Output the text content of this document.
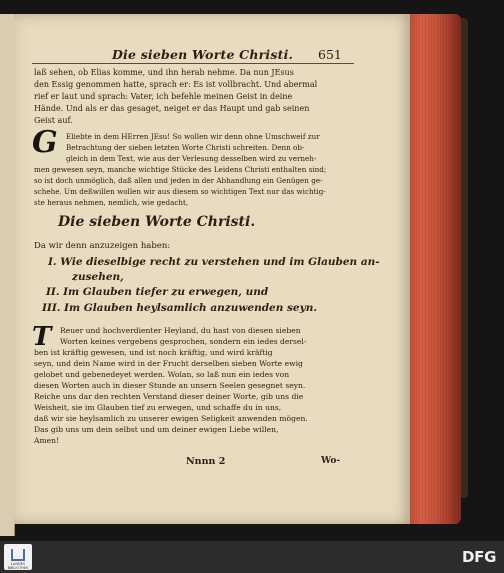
Die sieben Worte Christi. 651
laß sehen, ob Elias komme, und ihn herab nehme. Da nun JEsus
den Essig genommen hatte, sprach er: Es ist vollbracht. Und abermal
rief er laut und sprach: Vater, ich befehle meinen Geist in deine
Hände. Und als er das gesaget, neiget er das Haupt und gab seinen
Geist auf.
G	Eliebte in dem HErren JEsu! So wollen wir denn ohne Umschweif zur
Betrachtung der sieben letzten Worte Christi schreiten. Denn ob-
gleich in dem Text, wie aus der Verlesung desselben wird zu verneh-
men gewesen seyn, manche wichtige Stücke des Leidens Christi enthalten sind;
so ist doch unmöglich, daß allen und jeden in der Abhandlung ein Genügen ge-
schehe. Um deßwillen wollen wir aus diesem so wichtigen Text nur das wichtig-
ste heraus nehmen, nemlich, wie gedacht,
Die sieben Worte Christi.
Da wir denn anzuzeigen haben:
I. Wie dieselbige recht zu verstehen und im Glauben an-
zusehen,
II. Im Glauben tiefer zu erwegen, und
III. Im Glauben heylsamlich anzuwenden seyn.
T	Reuer und hochverdienter Heyland, du hast von diesen sieben
Worten keines vergebens gesprochen, sondern ein iedes dersel-
ben ist kräftig gewesen, und ist noch kräftig, und wird kräftig
seyn, und dein Name wird in der Frucht derselben sieben Worte ewig
gelobet und gebenedeyet werden. Wolan, so laß nun ein iedes von
diesen Worten auch in dieser Stunde an unsern Seelen gesegnet seyn.
Reiche uns dar den rechten Verstand dieser deiner Worte, gib uns die
Weisheit, sie im Glauben tief zu erwegen, und schaffe du in uns,
daß wir sie heylsamlich zu unserer ewigen Seligkeit anwenden mögen.
Das gib uns um dein selbst und um deiner ewigen Liebe willen,
Amen!
Nnnn 2	Wo-
LANDES BIBLIOTHEK
DFG
